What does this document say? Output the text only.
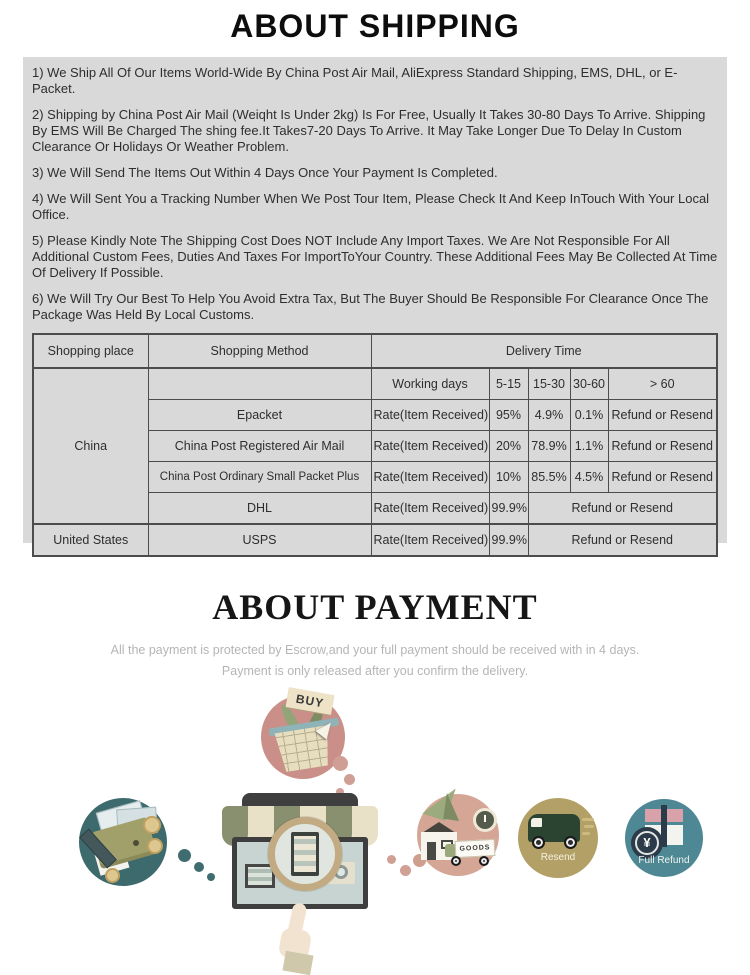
ABOUT SHIPPING

1) We Ship All Of Our Items World-Wide By China Post Air Mail, AliExpress Standard Shipping, EMS, DHL, or E-Packet.

2) Shipping by China Post Air Mail (Weiqht Is Under 2kg) Is For Free, Usually It Takes 30-80 Days To Arrive. Shipping By EMS Will Be Charged The shing fee.It Takes7-20 Days To Arrive. It May Take Longer Due To Delay In Custom Clearance Or Holidays Or Weather Problem.

3) We Will Send The Items Out Within 4 Days Once Your Payment Is Completed.

4) We Will Sent You a Tracking Number When We Post Tour Item, Please Check It And Keep InTouch With Your Local Office.

5) Please Kindly Note The Shipping Cost Does NOT Include Any Import Taxes. We Are Not Responsible For All Additional Custom Fees, Duties And Taxes For ImportToYour Country. These Additional Fees May Be Collected At Time Of Delivery If Possible.

6) We Will Try Our Best To Help You Avoid Extra Tax, But The Buyer Should Be Responsible For Clearance Once The Package Was Held By Local Customs.

Shopping place	Shopping Method	Delivery Time				
China		Working days	5-15	15-30	30-60	> 60
	Epacket	Rate(Item Received)	95%	4.9%	0.1%	Refund or Resend
	China Post Registered Air Mail	Rate(Item Received)	20%	78.9%	1.1%	Refund or Resend
	China Post Ordinary Small Packet Plus	Rate(Item Received)	10%	85.5%	4.5%	Refund or Resend
	DHL	Rate(Item Received)	99.9%	Refund or Resend		
United States	USPS	Rate(Item Received)	99.9%	Refund or Resend		
ABOUT PAYMENT
All the payment is protected by Escrow,and your full payment should be received with in 4 days.
Payment is only released after you confirm the delivery.
BUY
GOODS
Resend
¥
Full Refund
